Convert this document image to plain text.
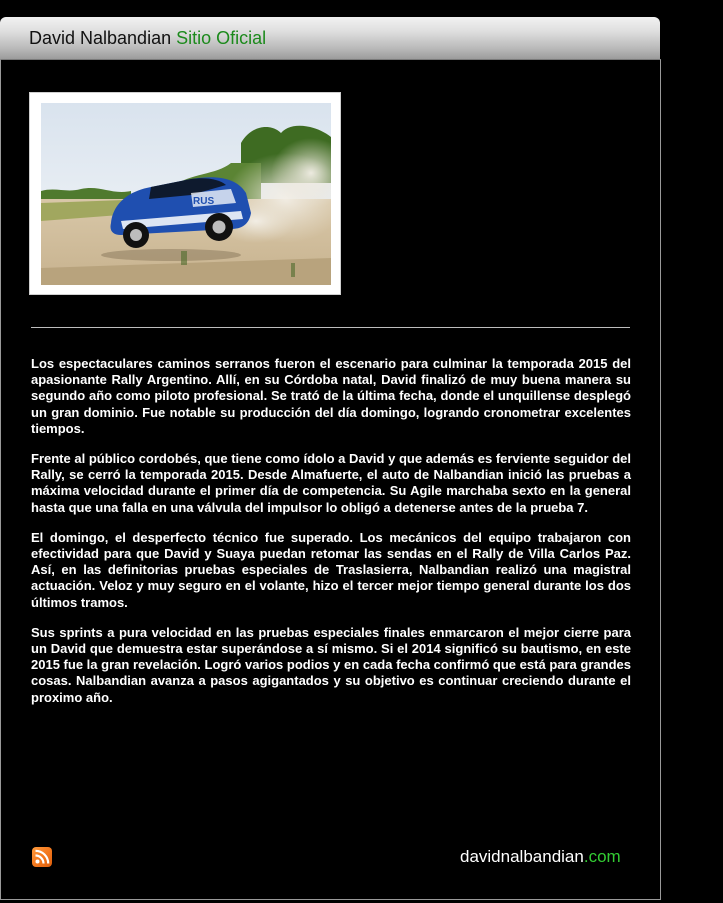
David Nalbandian Sitio Oficial
RUS

Los espectaculares caminos serranos fueron el escenario para culminar la temporada 2015 del apasionante Rally Argentino. Allí, en su Córdoba natal, David finalizó de muy buena manera su segundo año como piloto profesional. Se trató de la última fecha, donde el unquillense desplegó un gran dominio. Fue notable su producción del día domingo, logrando cronometrar excelentes tiempos.

Frente al público cordobés, que tiene como ídolo a David y que además es ferviente seguidor del Rally, se cerró la temporada 2015. Desde Almafuerte, el auto de Nalbandian inició las pruebas a máxima velocidad durante el primer día de competencia. Su Agile marchaba sexto en la general hasta que una falla en una válvula del impulsor lo obligó a detenerse antes de la prueba 7.

El domingo, el desperfecto técnico fue superado. Los mecánicos del equipo trabajaron con efectividad para que David y Suaya puedan retomar las sendas en el Rally de Villa Carlos Paz. Así, en las definitorias pruebas especiales de Traslasierra, Nalbandian realizó una magistral actuación. Veloz y muy seguro en el volante, hizo el tercer mejor tiempo general durante los dos últimos tramos.

Sus sprints a pura velocidad en las pruebas especiales finales enmarcaron el mejor cierre para un David que demuestra estar superándose a sí mismo. Si el 2014 significó su bautismo, en este 2015 fue la gran revelación. Logró varios podios y en cada fecha confirmó que está para grandes cosas. Nalbandian avanza a pasos agigantados y su objetivo es continuar creciendo durante el proximo año.

davidnalbandian.com
